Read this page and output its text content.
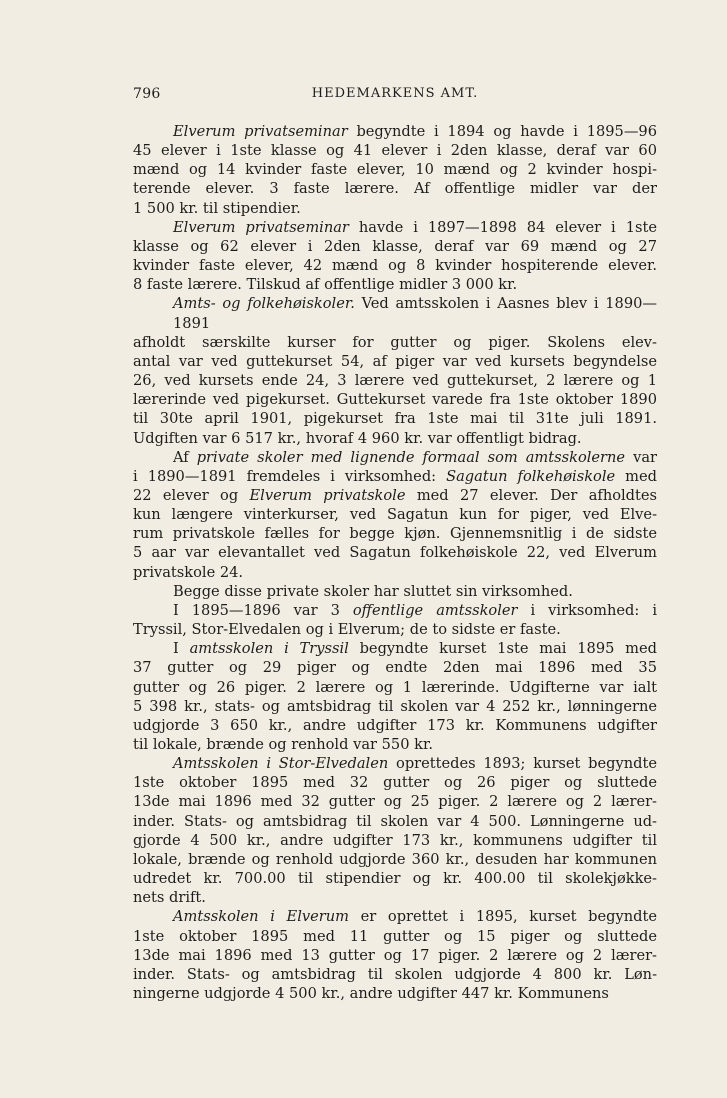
796	HEDEMARKENS AMT.
Elverum privatseminar begyndte i 1894 og havde i 1895—96
45 elever i 1ste klasse og 41 elever i 2den klasse, deraf var 60
mænd og 14 kvinder faste elever, 10 mænd og 2 kvinder hospi-
terende elever. 3 faste lærere. Af offentlige midler var der
1 500 kr. til stipendier.
Elverum privatseminar havde i 1897—1898 84 elever i 1ste
klasse og 62 elever i 2den klasse, deraf var 69 mænd og 27
kvinder faste elever, 42 mænd og 8 kvinder hospiterende elever.
8 faste lærere. Tilskud af offentlige midler 3 000 kr.
Amts- og folkehøiskoler. Ved amtsskolen i Aasnes blev i 1890—1891
afholdt særskilte kurser for gutter og piger. Skolens elev-
antal var ved guttekurset 54, af piger var ved kursets begyndelse
26, ved kursets ende 24, 3 lærere ved guttekurset, 2 lærere og 1
lærerinde ved pigekurset. Guttekurset varede fra 1ste oktober 1890
til 30te april 1901, pigekurset fra 1ste mai til 31te juli 1891.
Udgiften var 6 517 kr., hvoraf 4 960 kr. var offentligt bidrag.
Af private skoler med lignende formaal som amtsskolerne var
i 1890—1891 fremdeles i virksomhed: Sagatun folkehøiskole med
22 elever og Elverum privatskole med 27 elever. Der afholdtes
kun længere vinterkurser, ved Sagatun kun for piger, ved Elve-
rum privatskole fælles for begge kjøn. Gjennemsnitlig i de sidste
5 aar var elevantallet ved Sagatun folkehøiskole 22, ved Elverum
privatskole 24.
Begge disse private skoler har sluttet sin virksomhed.
I 1895—1896 var 3 offentlige amtsskoler i virksomhed: i
Tryssil, Stor-Elvedalen og i Elverum; de to sidste er faste.
I amtsskolen i Tryssil begyndte kurset 1ste mai 1895 med
37 gutter og 29 piger og endte 2den mai 1896 med 35
gutter og 26 piger. 2 lærere og 1 lærerinde. Udgifterne var ialt
5 398 kr., stats- og amtsbidrag til skolen var 4 252 kr., lønningerne
udgjorde 3 650 kr., andre udgifter 173 kr. Kommunens udgifter
til lokale, brænde og renhold var 550 kr.
Amtsskolen i Stor-Elvedalen oprettedes 1893; kurset begyndte
1ste oktober 1895 med 32 gutter og 26 piger og sluttede
13de mai 1896 med 32 gutter og 25 piger. 2 lærere og 2 lærer-
inder. Stats- og amtsbidrag til skolen var 4 500. Lønningerne ud-
gjorde 4 500 kr., andre udgifter 173 kr., kommunens udgifter til
lokale, brænde og renhold udgjorde 360 kr., desuden har kommunen
udredet kr. 700.00 til stipendier og kr. 400.00 til skolekjøkke-
nets drift.
Amtsskolen i Elverum er oprettet i 1895, kurset begyndte
1ste oktober 1895 med 11 gutter og 15 piger og sluttede
13de mai 1896 med 13 gutter og 17 piger. 2 lærere og 2 lærer-
inder. Stats- og amtsbidrag til skolen udgjorde 4 800 kr. Løn-
ningerne udgjorde 4 500 kr., andre udgifter 447 kr. Kommunens
